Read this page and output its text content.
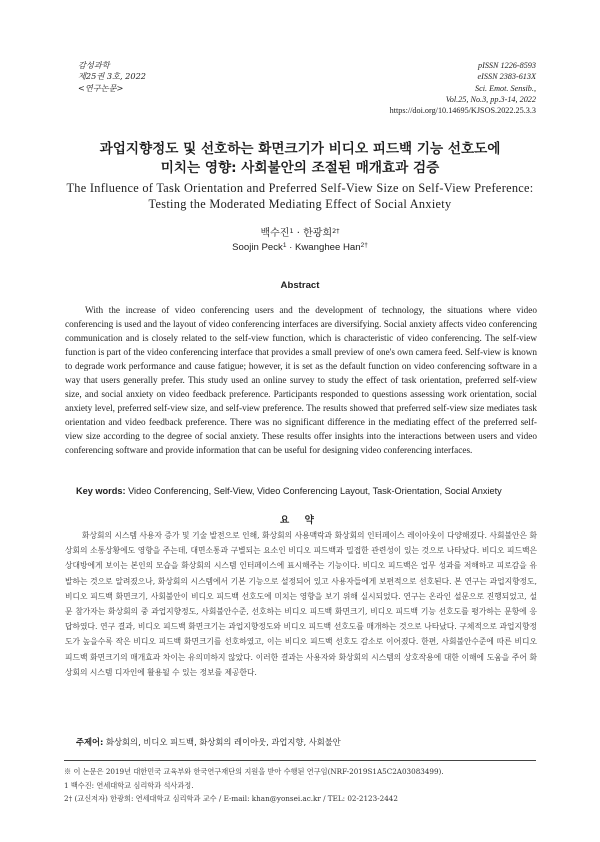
감성과학
제25권 3호, 2022
<연구논문>
pISSN 1226-8593
eISSN 2383-613X
Sci. Emot. Sensib.,
Vol.25, No.3, pp.3-14, 2022
https://doi.org/10.14695/KJSOS.2022.25.3.3
과업지향정도 및 선호하는 화면크기가 비디오 피드백 기능 선호도에
미치는 영향: 사회불안의 조절된 매개효과 검증
The Influence of Task Orientation and Preferred Self-View Size on Self-View Preference:
Testing the Moderated Mediating Effect of Social Anxiety
백수진$^1$ · 한광희$^{2\dagger}$
Soojin Peck$^1$ · Kwanghee Han$^{2\dagger}$
Abstract

With the increase of video conferencing users and the development of technology, the situations where video conferencing is used and the layout of video conferencing interfaces are diversifying. Social anxiety affects video conferencing communication and is closely related to the self-view function, which is characteristic of video conferencing. The self-view function is part of the video conferencing interface that provides a small preview of one's own camera feed. Self-view is known to degrade work performance and cause fatigue; however, it is set as the default function on video conferencing software in a way that users generally prefer. This study used an online survey to study the effect of task orientation, preferred self-view size, and social anxiety on video feedback preference. Participants responded to questions assessing work orientation, social anxiety level, preferred self-view size, and self-view preference. The results showed that preferred self-view size mediates task orientation and video feedback preference. There was no significant difference in the mediating effect of the preferred self-view size according to the degree of social anxiety. These results offer insights into the interactions between users and video conferencing software and provide information that can be useful for designing video conferencing interfaces.

Key words: Video Conferencing, Self-View, Video Conferencing Layout, Task-Orientation, Social Anxiety
요 약

화상회의 시스템 사용자 증가 및 기술 발전으로 인해, 화상회의 사용맥락과 화상회의 인터페이스 레이아웃이 다양해졌다. 사회불안은 화상회의 소통상황에도 영향을 주는데, 대면소통과 구별되는 요소인 비디오 피드백과 밀접한 관련성이 있는 것으로 나타났다. 비디오 피드백은 상대방에게 보이는 본인의 모습을 화상회의 시스템 인터페이스에 표시해주는 기능이다. 비디오 피드백은 업무 성과를 저해하고 피로감을 유발하는 것으로 알려졌으나, 화상회의 시스템에서 기본 기능으로 설정되어 있고 사용자들에게 보편적으로 선호된다. 본 연구는 과업지향정도, 비디오 피드백 화면크기, 사회불안이 비디오 피드백 선호도에 미치는 영향을 보기 위해 실시되었다. 연구는 온라인 설문으로 진행되었고, 설문 참가자는 화상회의 중 과업지향정도, 사회불안수준, 선호하는 비디오 피드백 화면크기, 비디오 피드백 기능 선호도를 평가하는 문항에 응답하였다. 연구 결과, 비디오 피드백 화면크기는 과업지향정도와 비디오 피드백 선호도를 매개하는 것으로 나타났다. 구체적으로 과업지향정도가 높을수록 작은 비디오 피드백 화면크기를 선호하였고, 이는 비디오 피드백 선호도 감소로 이어졌다. 한편, 사회불안수준에 따른 비디오 피드백 화면크기의 매개효과 차이는 유의미하지 않았다. 이러한 결과는 사용자와 화상회의 시스템의 상호작용에 대한 이해에 도움을 주어 화상회의 시스템 디자인에 활용될 수 있는 정보를 제공한다.

주제어: 화상회의, 비디오 피드백, 화상회의 레이아웃, 과업지향, 사회불안
※ 이 논문은 2019년 대한민국 교육부와 한국연구재단의 지원을 받아 수행된 연구임(NRF-2019S1A5C2A03083499).
1 백수진: 연세대학교 심리학과 석사과정.
2† (교신저자) 한광희: 연세대학교 심리학과 교수 / E-mail: khan@yonsei.ac.kr / TEL: 02-2123-2442
